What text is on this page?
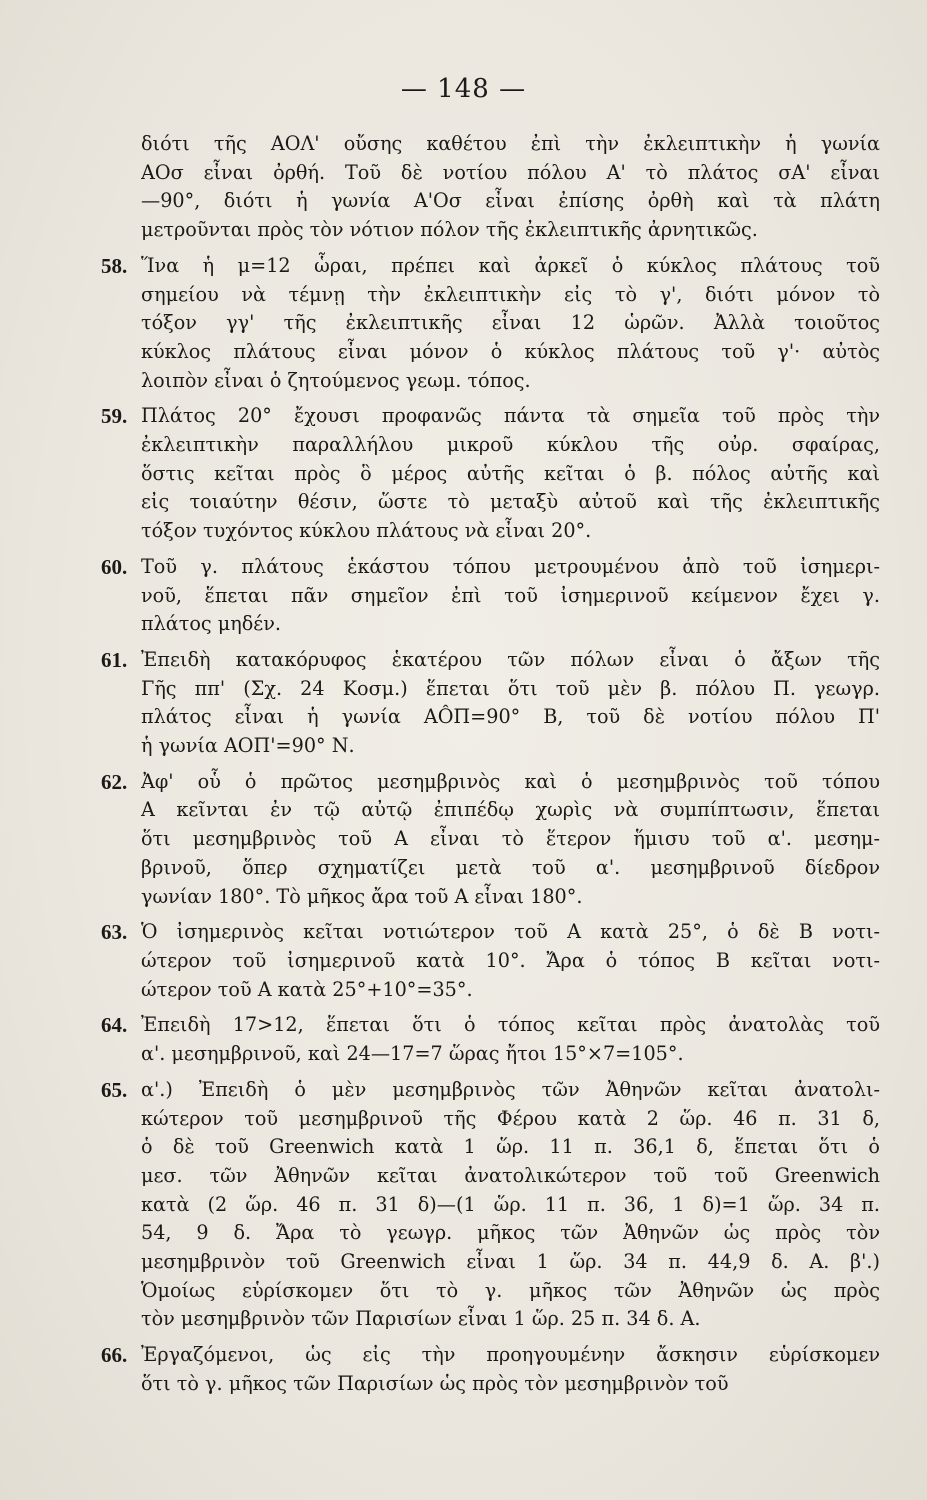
— 148 —
διότι τῆς ΑΟΛ' οὔσης καθέτου ἐπὶ τὴν ἐκλειπτικὴν ἡ γωνία
ΑΟσ εἶναι ὀρθή. Τοῦ δὲ νοτίου πόλου Α' τὸ πλάτος σΑ' εἶναι
—90°, διότι ἡ γωνία Α'Οσ εἶναι ἐπίσης ὀρθὴ καὶ τὰ πλάτη
μετροῦνται πρὸς τὸν νότιον πόλον τῆς ἐκλειπτικῆς ἀρνητικῶς.
58. Ἵνα ἡ μ=12 ὧραι, πρέπει καὶ ἀρκεῖ ὁ κύκλος πλάτους τοῦ
σημείου νὰ τέμνῃ τὴν ἐκλειπτικὴν εἰς τὸ γ', διότι μόνον τὸ
τόξον γγ' τῆς ἐκλειπτικῆς εἶναι 12 ὡρῶν. Ἀλλὰ τοιοῦτος
κύκλος πλάτους εἶναι μόνον ὁ κύκλος πλάτους τοῦ γ'· αὐτὸς
λοιπὸν εἶναι ὁ ζητούμενος γεωμ. τόπος.
59. Πλάτος 20° ἔχουσι προφανῶς πάντα τὰ σημεῖα τοῦ πρὸς τὴν
ἐκλειπτικὴν παραλλήλου μικροῦ κύκλου τῆς οὐρ. σφαίρας,
ὅστις κεῖται πρὸς ὃ μέρος αὐτῆς κεῖται ὁ β. πόλος αὐτῆς καὶ
εἰς τοιαύτην θέσιν, ὥστε τὸ μεταξὺ αὐτοῦ καὶ τῆς ἐκλειπτικῆς
τόξον τυχόντος κύκλου πλάτους νὰ εἶναι 20°.
60. Τοῦ γ. πλάτους ἑκάστου τόπου μετρουμένου ἀπὸ τοῦ ἰσημερι-
νοῦ, ἕπεται πᾶν σημεῖον ἐπὶ τοῦ ἰσημερινοῦ κείμενον ἔχει γ.
πλάτος μηδέν.
61. Ἐπειδὴ κατακόρυφος ἑκατέρου τῶν πόλων εἶναι ὁ ἄξων τῆς
Γῆς ππ' (Σχ. 24 Κοσμ.) ἕπεται ὅτι τοῦ μὲν β. πόλου Π. γεωγρ.
πλάτος εἶναι ἡ γωνία ΑÔΠ=90° Β, τοῦ δὲ νοτίου πόλου Π'
ἡ γωνία ΑΟΠ'=90° Ν.
62. Ἀφ' οὗ ὁ πρῶτος μεσημβρινὸς καὶ ὁ μεσημβρινὸς τοῦ τόπου
Α κεῖνται ἐν τῷ αὐτῷ ἐπιπέδῳ χωρὶς νὰ συμπίπτωσιν, ἕπεται
ὅτι μεσημβρινὸς τοῦ Α εἶναι τὸ ἕτερον ἥμισυ τοῦ α'. μεσημ-
βρινοῦ, ὅπερ σχηματίζει μετὰ τοῦ α'. μεσημβρινοῦ δίεδρον
γωνίαν 180°. Τὸ μῆκος ἄρα τοῦ Α εἶναι 180°.
63. Ὁ ἰσημερινὸς κεῖται νοτιώτερον τοῦ Α κατὰ 25°, ὁ δὲ Β νοτι-
ώτερον τοῦ ἰσημερινοῦ κατὰ 10°. Ἄρα ὁ τόπος Β κεῖται νοτι-
ώτερον τοῦ Α κατὰ 25°+10°=35°.
64. Ἐπειδὴ 17>12, ἕπεται ὅτι ὁ τόπος κεῖται πρὸς ἀνατολὰς τοῦ
α'. μεσημβρινοῦ, καὶ 24—17=7 ὥρας ἤτοι 15°×7=105°.
65. α'.) Ἐπειδὴ ὁ μὲν μεσημβρινὸς τῶν Ἀθηνῶν κεῖται ἀνατολι-
κώτερον τοῦ μεσημβρινοῦ τῆς Φέρου κατὰ 2 ὥρ. 46 π. 31 δ,
ὁ δὲ τοῦ Greenwich κατὰ 1 ὥρ. 11 π. 36,1 δ, ἕπεται ὅτι ὁ
μεσ. τῶν Ἀθηνῶν κεῖται ἀνατολικώτερον τοῦ τοῦ Greenwich
κατὰ (2 ὥρ. 46 π. 31 δ)—(1 ὥρ. 11 π. 36, 1 δ)=1 ὥρ. 34 π.
54, 9 δ. Ἄρα τὸ γεωγρ. μῆκος τῶν Ἀθηνῶν ὡς πρὸς τὸν
μεσημβρινὸν τοῦ Greenwich εἶναι 1 ὥρ. 34 π. 44,9 δ. Α. β'.)
Ὁμοίως εὑρίσκομεν ὅτι τὸ γ. μῆκος τῶν Ἀθηνῶν ὡς πρὸς
τὸν μεσημβρινὸν τῶν Παρισίων εἶναι 1 ὥρ. 25 π. 34 δ. Α.
66. Ἐργαζόμενοι, ὡς εἰς τὴν προηγουμένην ἄσκησιν εὑρίσκομεν
ὅτι τὸ γ. μῆκος τῶν Παρισίων ὡς πρὸς τὸν μεσημβρινὸν τοῦ
